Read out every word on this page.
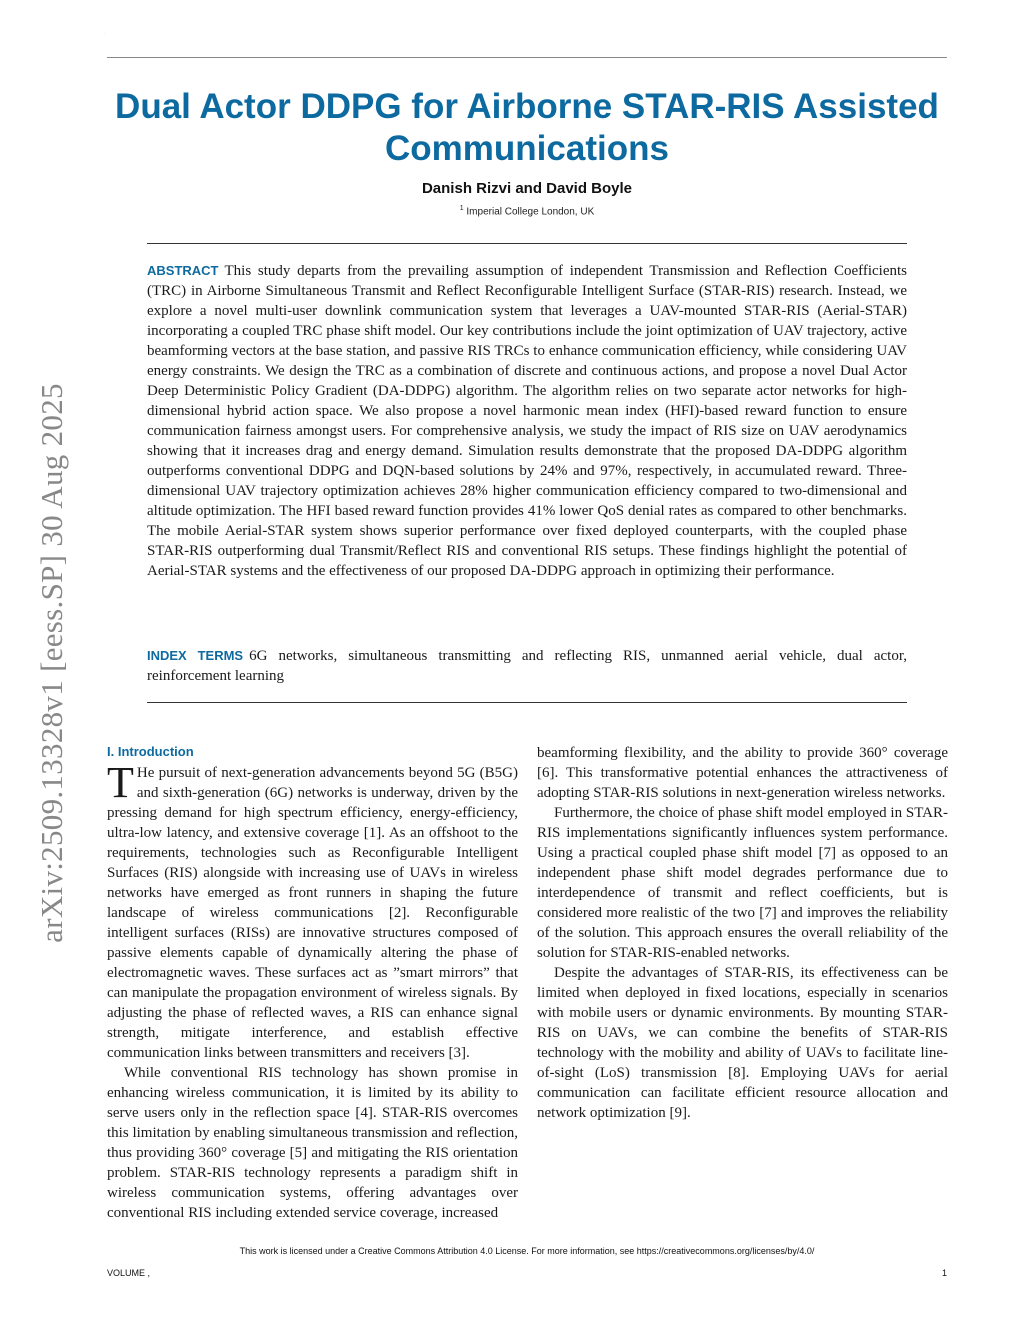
.
arXiv:2509.13328v1 [eess.SP] 30 Aug 2025
Dual Actor DDPG for Airborne STAR-RIS Assisted Communications
Danish Rizvi and David Boyle
$^1$ Imperial College London, UK

ABSTRACT This study departs from the prevailing assumption of independent Transmission and Reflection Coefficients (TRC) in Airborne Simultaneous Transmit and Reflect Reconfigurable Intelligent Surface (STAR-RIS) research. Instead, we explore a novel multi-user downlink communication system that leverages a UAV-mounted STAR-RIS (Aerial-STAR) incorporating a coupled TRC phase shift model. Our key contributions include the joint optimization of UAV trajectory, active beamforming vectors at the base station, and passive RIS TRCs to enhance communication efficiency, while considering UAV energy constraints. We design the TRC as a combination of discrete and continuous actions, and propose a novel Dual Actor Deep Deterministic Policy Gradient (DA-DDPG) algorithm. The algorithm relies on two separate actor networks for high-dimensional hybrid action space. We also propose a novel harmonic mean index (HFI)-based reward function to ensure communication fairness amongst users. For comprehensive analysis, we study the impact of RIS size on UAV aerodynamics showing that it increases drag and energy demand. Simulation results demonstrate that the proposed DA-DDPG algorithm outperforms conventional DDPG and DQN-based solutions by 24% and 97%, respectively, in accumulated reward. Three-dimensional UAV trajectory optimization achieves 28% higher communication efficiency compared to two-dimensional and altitude optimization. The HFI based reward function provides 41% lower QoS denial rates as compared to other benchmarks. The mobile Aerial-STAR system shows superior performance over fixed deployed counterparts, with the coupled phase STAR-RIS outperforming dual Transmit/Reflect RIS and conventional RIS setups. These findings highlight the potential of Aerial-STAR systems and the effectiveness of our proposed DA-DDPG approach in optimizing their performance.

INDEX TERMS 6G networks, simultaneous transmitting and reflecting RIS, unmanned aerial vehicle, dual actor, reinforcement learning

I. Introduction

T He pursuit of next-generation advancements beyond 5G (B5G) and sixth-generation (6G) networks is underway, driven by the pressing demand for high spectrum efficiency, energy-efficiency, ultra-low latency, and extensive coverage [1]. As an offshoot to the requirements, technologies such as Reconfigurable Intelligent Surfaces (RIS) alongside with increasing use of UAVs in wireless networks have emerged as front runners in shaping the future landscape of wireless communications [2]. Reconfigurable intelligent surfaces (RISs) are innovative structures composed of passive elements capable of dynamically altering the phase of electromagnetic waves. These surfaces act as ”smart mirrors” that can manipulate the propagation environment of wireless signals. By adjusting the phase of reflected waves, a RIS can enhance signal strength, mitigate interference, and establish effective communication links between transmitters and receivers [3].

While conventional RIS technology has shown promise in enhancing wireless communication, it is limited by its ability to serve users only in the reflection space [4]. STAR-RIS overcomes this limitation by enabling simultaneous transmission and reflection, thus providing 360° coverage [5] and mitigating the RIS orientation problem. STAR-RIS technology represents a paradigm shift in wireless communication systems, offering advantages over conventional RIS including extended service coverage, increased

beamforming flexibility, and the ability to provide 360° coverage [6]. This transformative potential enhances the attractiveness of adopting STAR-RIS solutions in next-generation wireless networks.

Furthermore, the choice of phase shift model employed in STAR-RIS implementations significantly influences system performance. Using a practical coupled phase shift model [7] as opposed to an independent phase shift model degrades performance due to interdependence of transmit and reflect coefficients, but is considered more realistic of the two [7] and improves the reliability of the solution. This approach ensures the overall reliability of the solution for STAR-RIS-enabled networks.

Despite the advantages of STAR-RIS, its effectiveness can be limited when deployed in fixed locations, especially in scenarios with mobile users or dynamic environments. By mounting STAR-RIS on UAVs, we can combine the benefits of STAR-RIS technology with the mobility and ability of UAVs to facilitate line-of-sight (LoS) transmission [8]. Employing UAVs for aerial communication can facilitate efficient resource allocation and network optimization [9].

This work is licensed under a Creative Commons Attribution 4.0 License. For more information, see https://creativecommons.org/licenses/by/4.0/
VOLUME ,	1
